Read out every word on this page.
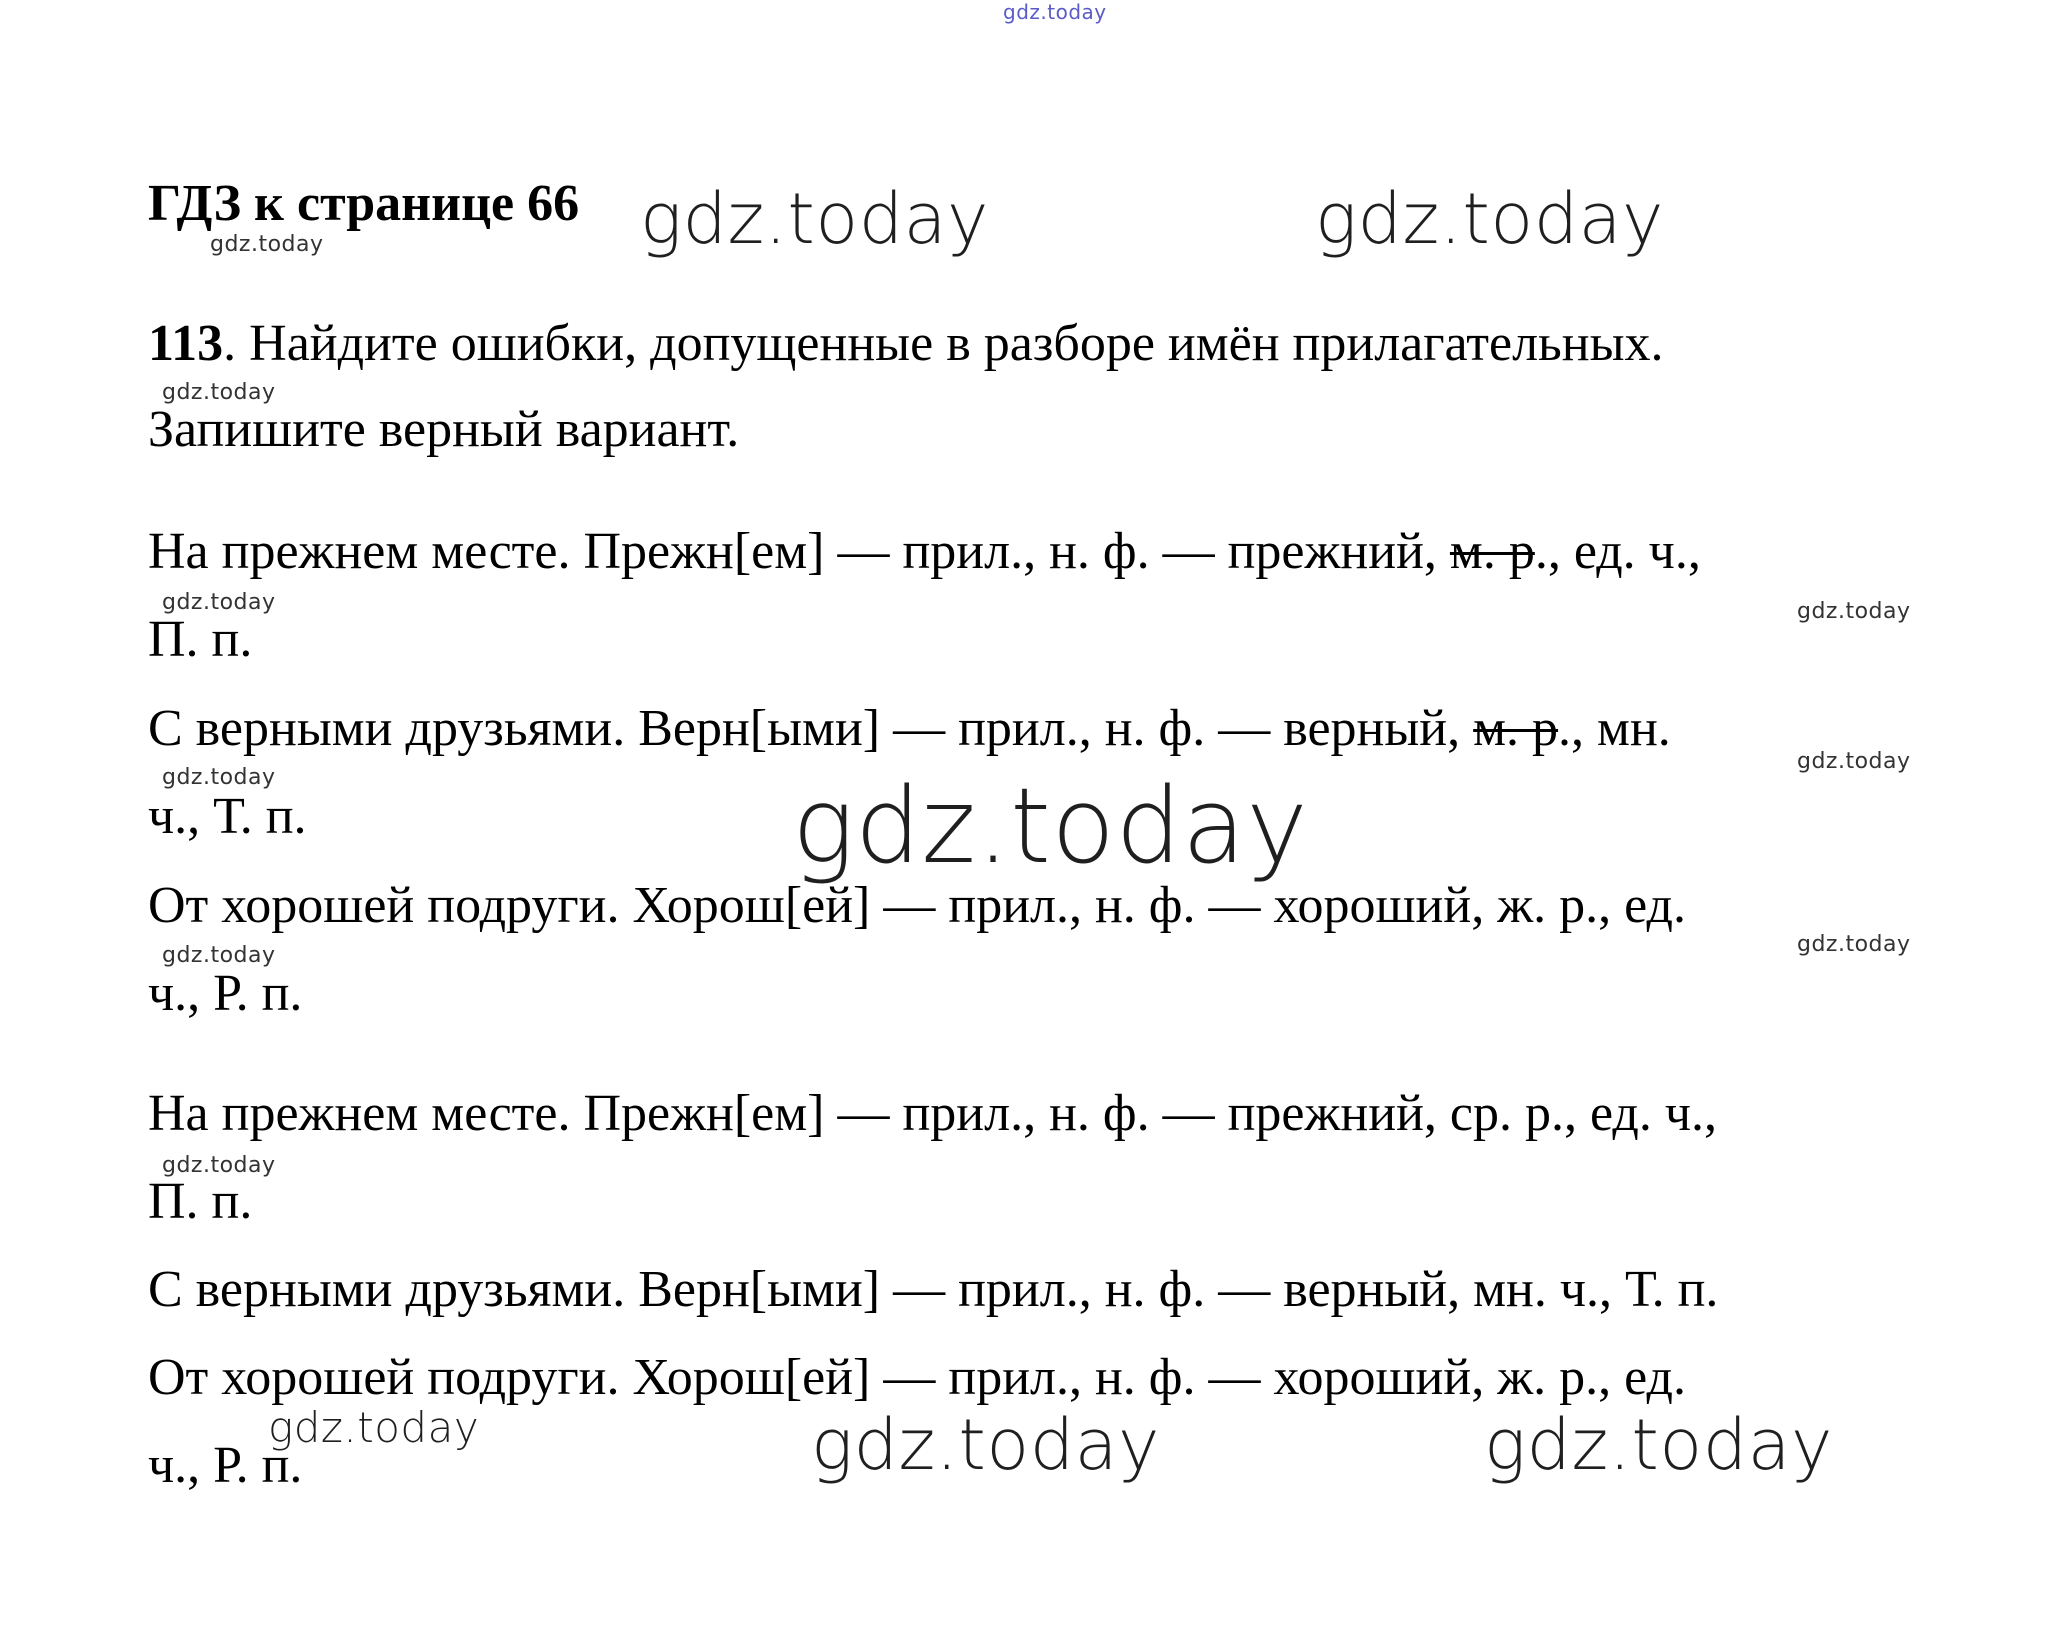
gdz.today
gdz.today	gdz.today
gdz.today
gdz.today
gdz.today	gdz.today
gdz.today
gdz.today
gdz.today
gdz.today	gdz.today
gdz.today
gdz.today	gdz.today	gdz.today
ГДЗ к странице 66
113. Найдите ошибки, допущенные в разборе имён прилагательных.
Запишите верный вариант.
На прежнем месте. Прежн[ем] — прил., н. ф. — прежний, м. р., ед. ч.,
П. п.
С верными друзьями. Верн[ыми] — прил., н. ф. — верный, м. р., мн.
ч., Т. п.
От хорошей подруги. Хорош[ей] — прил., н. ф. — хороший, ж. р., ед.
ч., Р. п.
На прежнем месте. Прежн[ем] — прил., н. ф. — прежний, ср. р., ед. ч.,
П. п.
С верными друзьями. Верн[ыми] — прил., н. ф. — верный, мн. ч., Т. п.
От хорошей подруги. Хорош[ей] — прил., н. ф. — хороший, ж. р., ед.
ч., Р. п.
